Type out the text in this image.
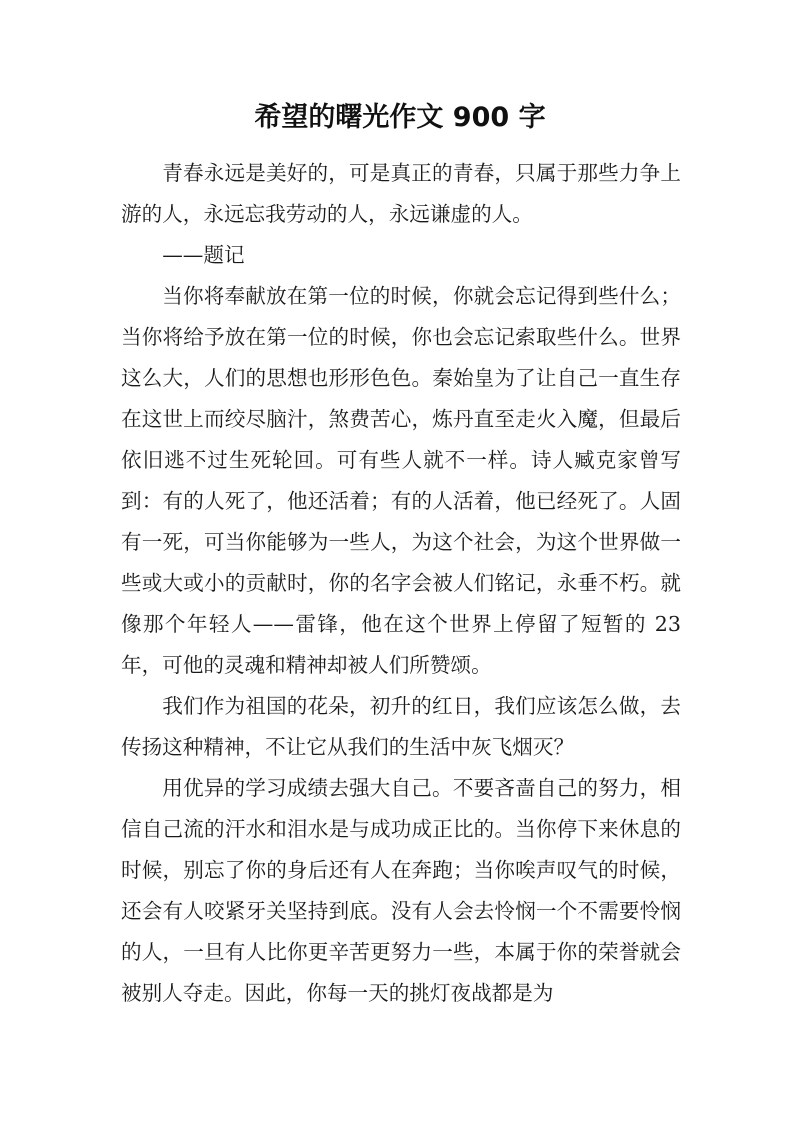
希望的曙光作文 900 字

青春永远是美好的，可是真正的青春，只属于那些力争上游的人，永远忘我劳动的人，永远谦虚的人。

——题记

当你将奉献放在第一位的时候，你就会忘记得到些什么；当你将给予放在第一位的时候，你也会忘记索取些什么。世界这么大，人们的思想也形形色色。秦始皇为了让自己一直生存在这世上而绞尽脑汁，煞费苦心，炼丹直至走火入魔，但最后依旧逃不过生死轮回。可有些人就不一样。诗人臧克家曾写到：有的人死了，他还活着；有的人活着，他已经死了。人固有一死，可当你能够为一些人，为这个社会，为这个世界做一些或大或小的贡献时，你的名字会被人们铭记，永垂不朽。就像那个年轻人——雷锋，他在这个世界上停留了短暂的 23 年，可他的灵魂和精神却被人们所赞颂。

我们作为祖国的花朵，初升的红日，我们应该怎么做，去传扬这种精神，不让它从我们的生活中灰飞烟灭？

用优异的学习成绩去强大自己。不要吝啬自己的努力，相信自己流的汗水和泪水是与成功成正比的。当你停下来休息的时候，别忘了你的身后还有人在奔跑；当你唉声叹气的时候，还会有人咬紧牙关坚持到底。没有人会去怜悯一个不需要怜悯的人，一旦有人比你更辛苦更努力一些，本属于你的荣誉就会被别人夺走。因此，你每一天的挑灯夜战都是为
